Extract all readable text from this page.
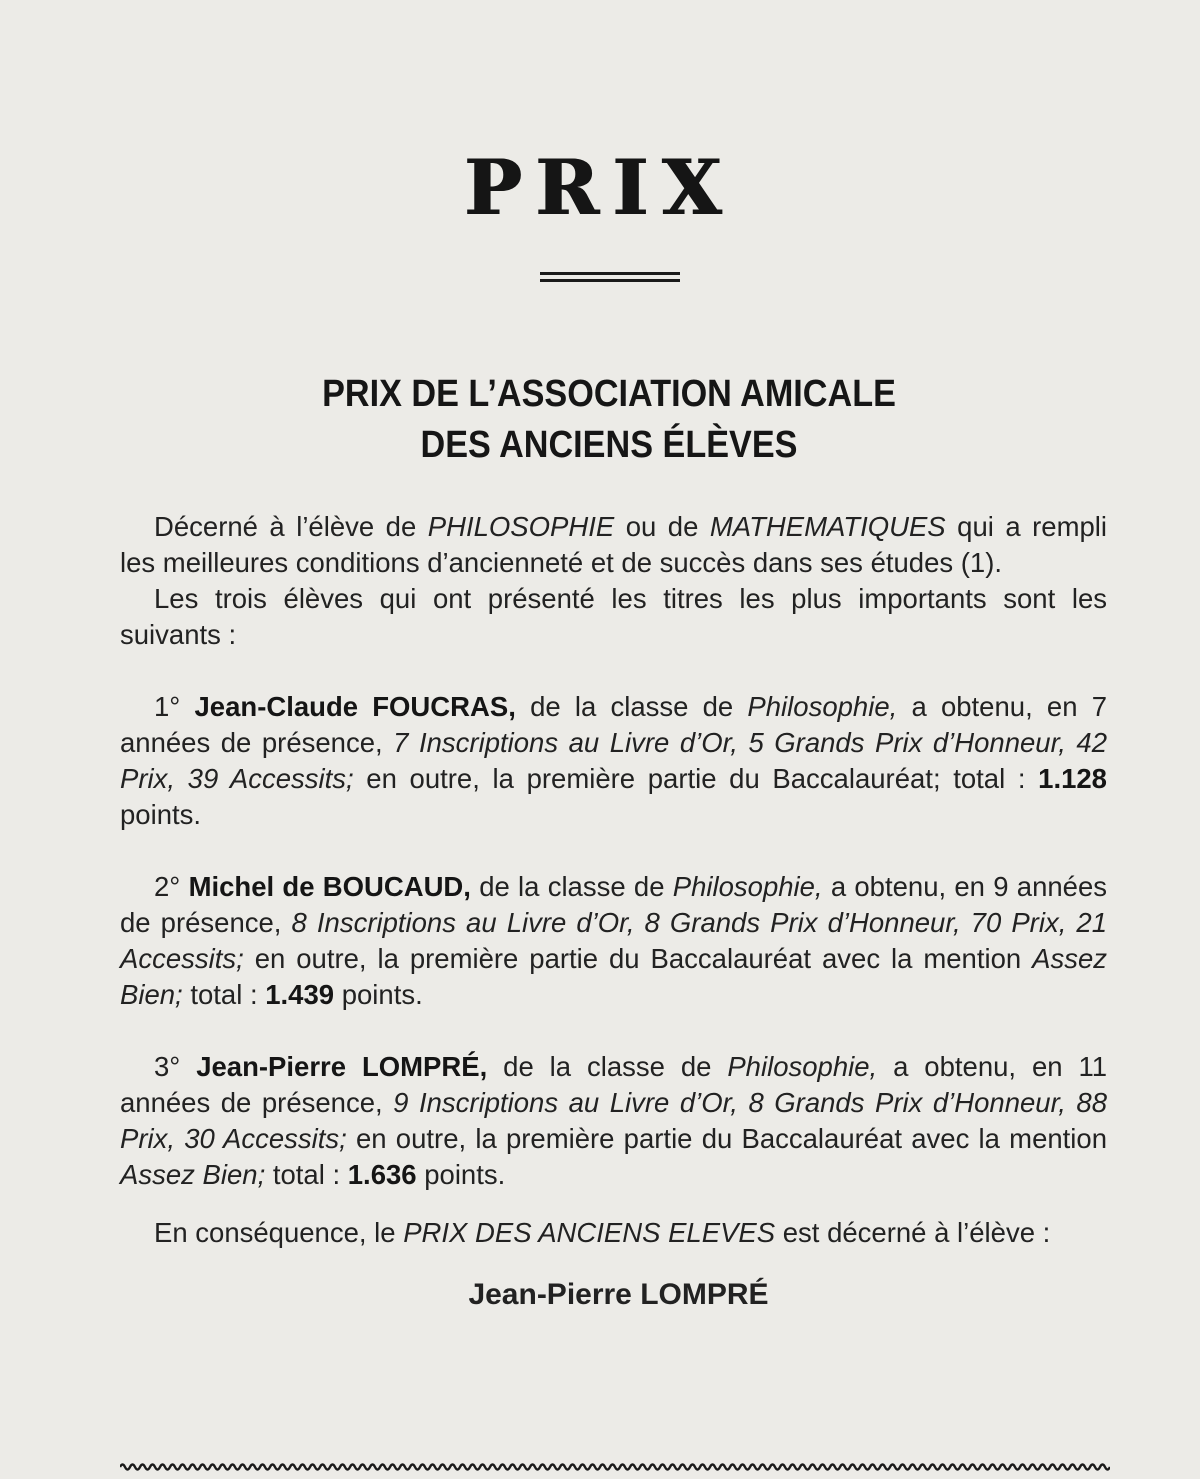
PRIX
PRIX DE L’ASSOCIATION AMICALE
DES ANCIENS ÉLÈVES

Décerné à l’élève de PHILOSOPHIE ou de MATHEMATIQUES qui a rempli les meilleures conditions d’ancienneté et de succès dans ses études (1).

Les trois élèves qui ont présenté les titres les plus importants sont les suivants :

1° Jean-Claude FOUCRAS, de la classe de Philosophie, a obtenu, en 7 années de présence, 7 Inscriptions au Livre d’Or, 5 Grands Prix d’Honneur, 42 Prix, 39 Accessits; en outre, la première partie du Baccalauréat; total : 1.128 points.

2° Michel de BOUCAUD, de la classe de Philosophie, a obtenu, en 9 années de présence, 8 Inscriptions au Livre d’Or, 8 Grands Prix d’Honneur, 70 Prix, 21 Accessits; en outre, la première partie du Baccalauréat avec la mention Assez Bien; total : 1.439 points.

3° Jean-Pierre LOMPRÉ, de la classe de Philosophie, a obtenu, en 11 années de présence, 9 Inscriptions au Livre d’Or, 8 Grands Prix d’Honneur, 88 Prix, 30 Accessits; en outre, la première partie du Baccalauréat avec la mention Assez Bien; total : 1.636 points.

En conséquence, le PRIX DES ANCIENS ELEVES est décerné à l’élève :

Jean-Pierre LOMPRÉ
